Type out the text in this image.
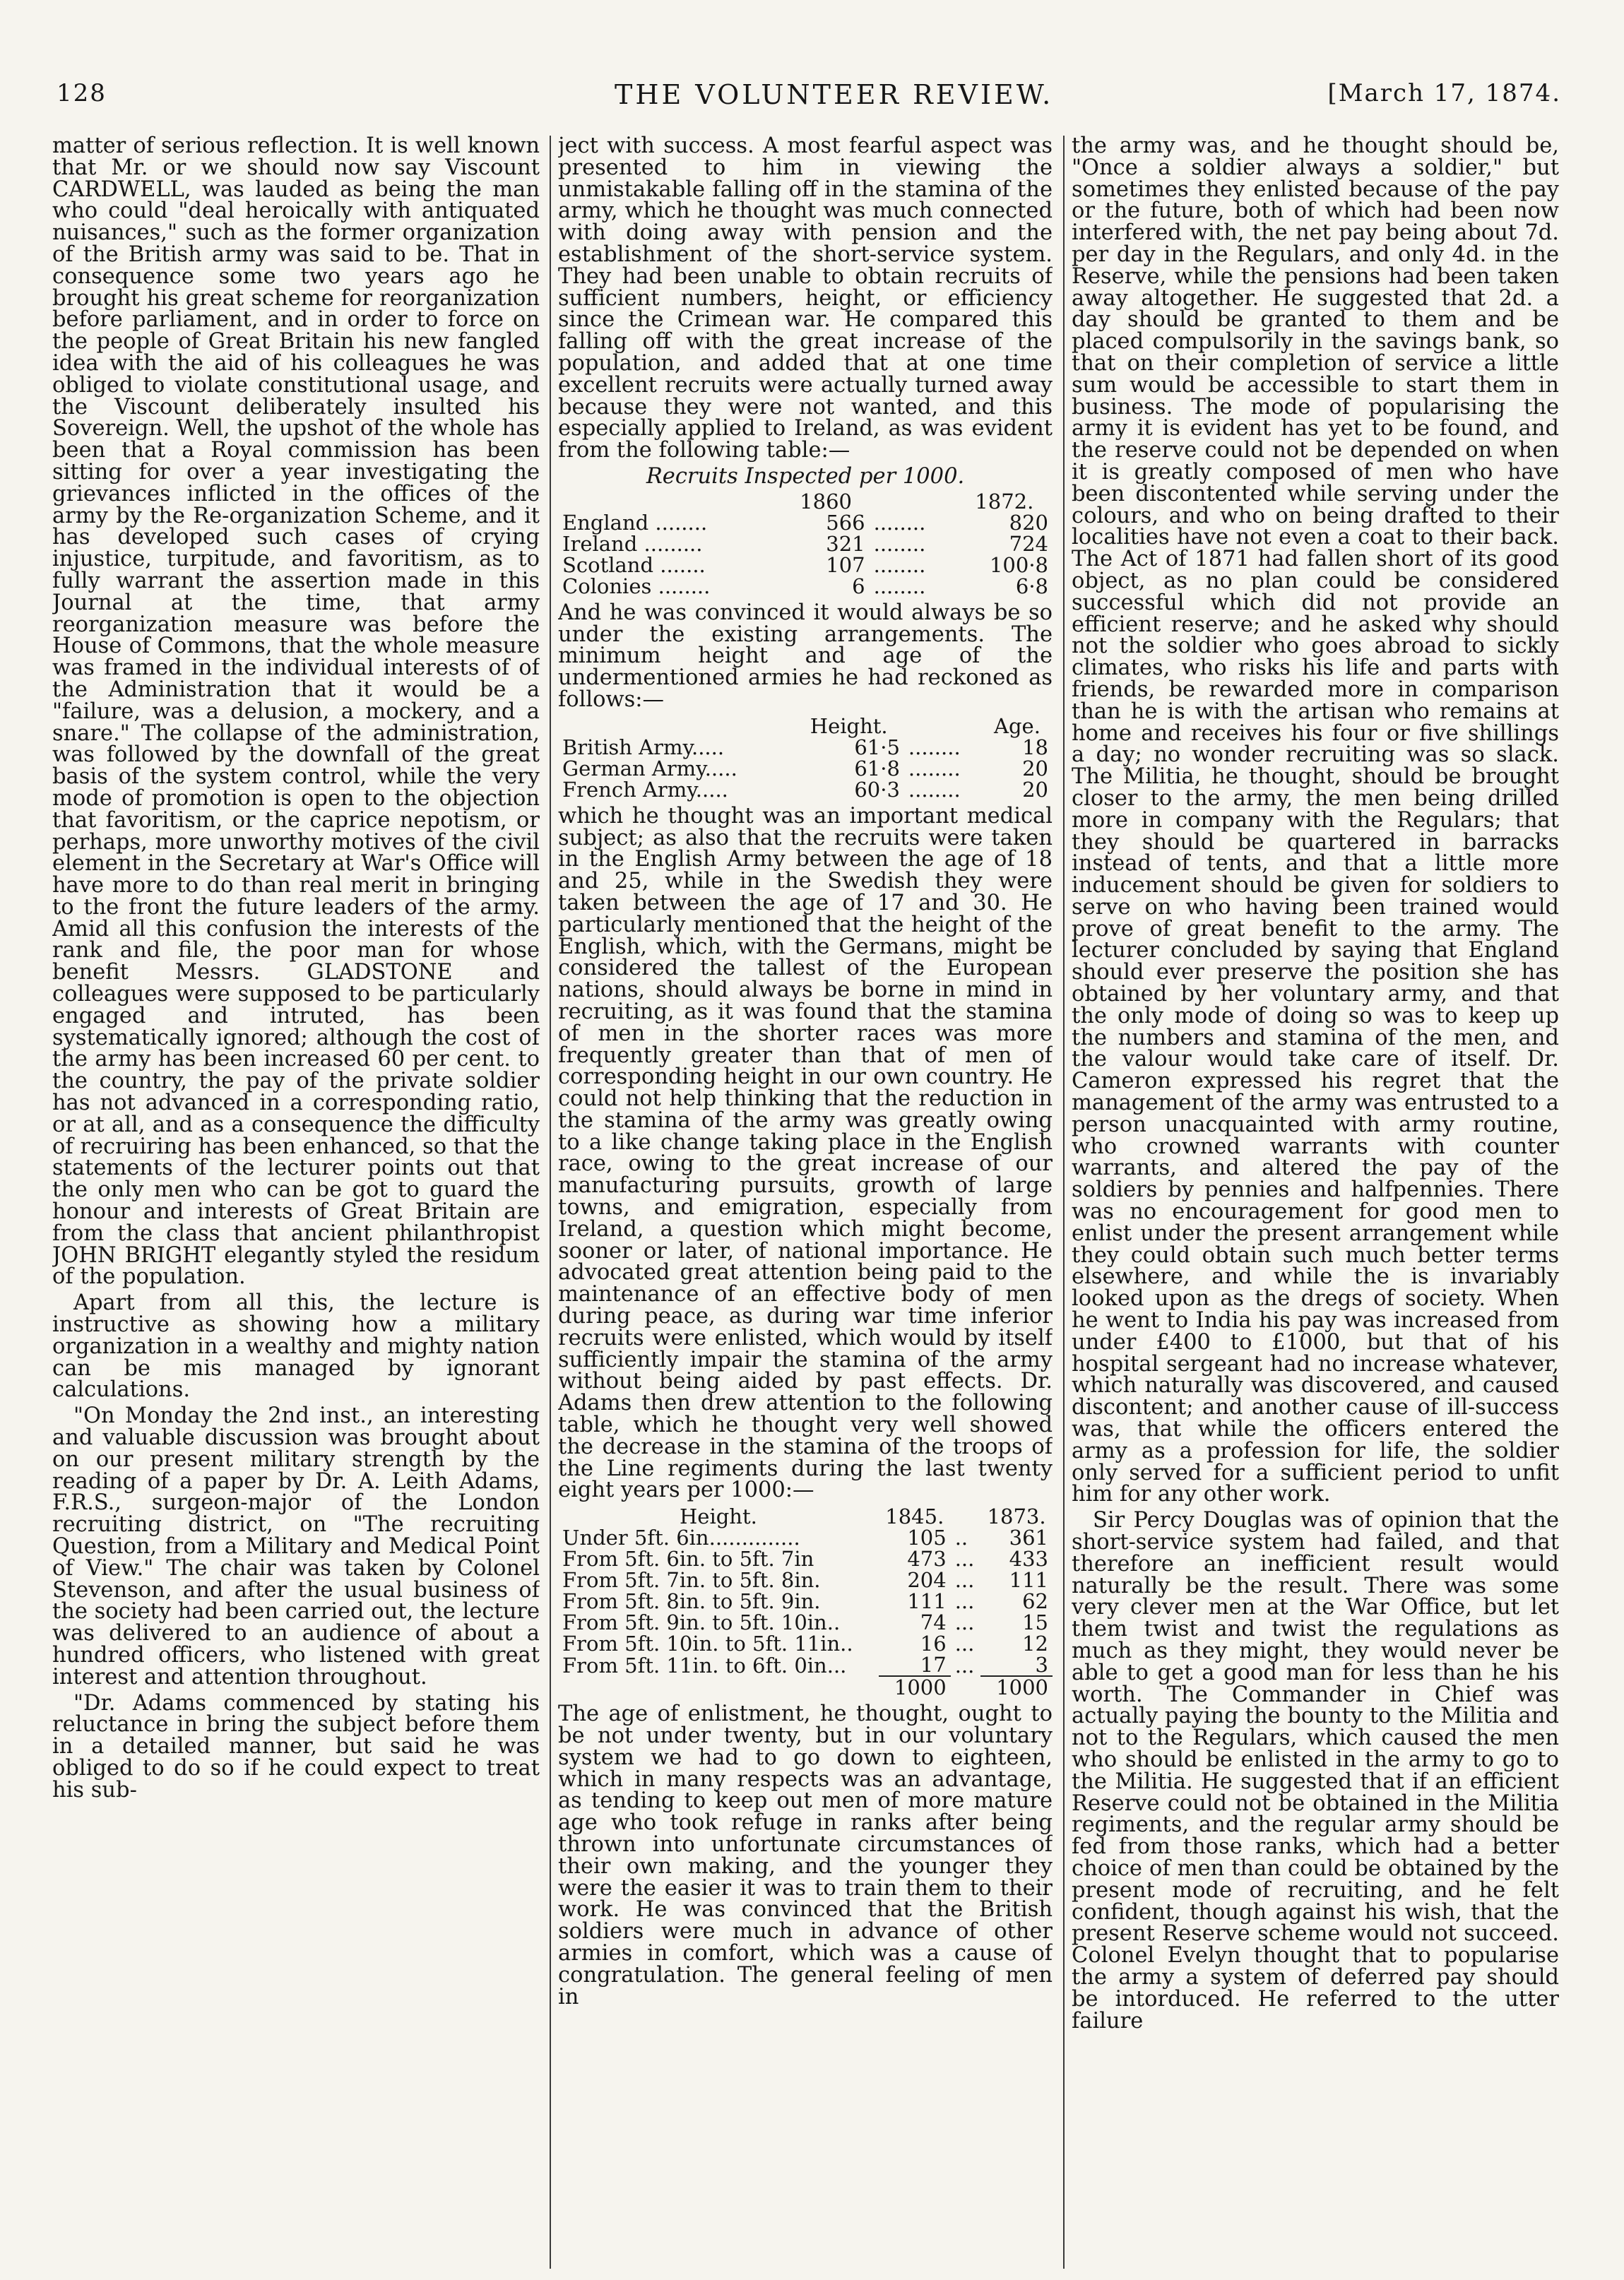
128	THE VOLUNTEER REVIEW.	[March 17, 1874.

matter of serious reflection. It is well known that Mr. or we should now say Viscount CARDWELL, was lauded as being the man who could "deal heroically with antiquated nuisances," such as the former organization of the British army was said to be. That in consequence some two years ago he brought his great scheme for reorganization before parliament, and in order to force on the people of Great Britain his new fangled idea with the aid of his colleagues he was obliged to violate constitutional usage, and the Viscount deliberately insulted his Sovereign. Well, the upshot of the whole has been that a Royal commission has been sitting for over a year investigating the grievances inflicted in the offices of the army by the Re-organization Scheme, and it has developed such cases of crying injustice, turpitude, and favoritism, as to fully warrant the assertion made in this Journal at the time, that army reorganization measure was before the House of Commons, that the whole measure was framed in the individual interests of of the Administration that it would be a "failure, was a delusion, a mockery, and a snare." The collapse of the administration, was followed by the downfall of the great basis of the system control, while the very mode of promotion is open to the objection that favoritism, or the caprice nepotism, or perhaps, more unworthy motives of the civil element in the Secretary at War's Office will have more to do than real merit in bringing to the front the future leaders of the army. Amid all this confusion the interests of the rank and file, the poor man for whose benefit Messrs. GLADSTONE and colleagues were supposed to be particularly engaged and intruted, has been systematically ignored; although the cost of the army has been increased 60 per cent. to the country, the pay of the private soldier has not advanced in a corresponding ratio, or at all, and as a consequence the difficulty of recruiring has been enhanced, so that the statements of the lecturer points out that the only men who can be got to guard the honour and interests of Great Britain are from the class that ancient philanthropist JOHN BRIGHT elegantly styled the residum of the population.

Apart from all this, the lecture is instructive as showing how a military organization in a wealthy and mighty nation can be mis managed by ignorant calculations.

"On Monday the 2nd inst., an interesting and valuable discussion was brought about on our present military strength by the reading of a paper by Dr. A. Leith Adams, F.R.S., surgeon-major of the London recruiting district, on "The recruiting Question, from a Military and Medical Point of View." The chair was taken by Colonel Stevenson, and after the usual business of the society had been carried out, the lecture was delivered to an audience of about a hundred officers, who listened with great interest and attention throughout.

"Dr. Adams commenced by stating his reluctance in bring the subject before them in a detailed manner, but said he was obliged to do so if he could expect to treat his sub-

ject with success. A most fearful aspect was presented to him in viewing the unmistakable falling off in the stamina of the army, which he thought was much connected with doing away with pension and the establishment of the short-service system. They had been unable to obtain recruits of sufficient numbers, height, or efficiency since the Crimean war. He compared this falling off with the great increase of the population, and added that at one time excellent recruits were actually turned away because they were not wanted, and this especially applied to Ireland, as was evident from the following table:—

Recruits Inspected per 1000.
	1860		1872.
England ........	566	........	820
Ireland .........	321	........	724
Scotland .......	107	........	100·8
Colonies ........	6	........	6·8

And he was convinced it would always be so under the existing arrangements. The minimum height and age of the undermentioned armies he had reckoned as follows:—

	Height.		Age.
British Army.....	61·5	........	18
German Army.....	61·8	........	20
French Army.....	60·3	........	20

which he thought was an important medical subject; as also that the recruits were taken in the English Army between the age of 18 and 25, while in the Swedish they were taken between the age of 17 and 30. He particularly mentioned that the height of the English, which, with the Germans, might be considered the tallest of the European nations, should always be borne in mind in recruiting, as it was found that the stamina of men in the shorter races was more frequently greater than that of men of corresponding height in our own country. He could not help thinking that the reduction in the stamina of the army was greatly owing to a like change taking place in the English race, owing to the great increase of our manufacturing pursuits, growth of large towns, and emigration, especially from Ireland, a question which might become, sooner or later, of national importance. He advocated great attention being paid to the maintenance of an effective body of men during peace, as during war time inferior recruits were enlisted, which would by itself sufficiently impair the stamina of the army without being aided by past effects. Dr. Adams then drew attention to the following table, which he thought very well showed the decrease in the stamina of the troops of the Line regiments during the last twenty eight years per 1000:—

Height.	1845.		1873.
Under 5ft. 6in..............	105	..	361
From 5ft. 6in. to 5ft. 7in	473	...	433
From 5ft. 7in. to 5ft. 8in.	204	...	111
From 5ft. 8in. to 5ft. 9in.	111	...	62
From 5ft. 9in. to 5ft. 10in..	74	...	15
From 5ft. 10in. to 5ft. 11in..	16	...	12
From 5ft. 11in. to 6ft. 0in...	17	...	3
	1000		1000

The age of enlistment, he thought, ought to be not under twenty, but in our voluntary system we had to go down to eighteen, which in many respects was an advantage, as tending to keep out men of more mature age who took refuge in ranks after being thrown into unfortunate circumstances of their own making, and the younger they were the easier it was to train them to their work. He was convinced that the British soldiers were much in advance of other armies in comfort, which was a cause of congratulation. The general feeling of men in

the army was, and he thought should be, "Once a soldier always a soldier," but sometimes they enlisted because of the pay or the future, both of which had been now interfered with, the net pay being about 7d. per day in the Regulars, and only 4d. in the Reserve, while the pensions had been taken away altogether. He suggested that 2d. a day should be granted to them and be placed compulsorily in the savings bank, so that on their completion of service a little sum would be accessible to start them in business. The mode of popularising the army it is evident has yet to be found, and the reserve could not be depended on when it is greatly composed of men who have been discontented while serving under the colours, and who on being drafted to their localities have not even a coat to their back. The Act of 1871 had fallen short of its good object, as no plan could be considered successful which did not provide an efficient reserve; and he asked why should not the soldier who goes abroad to sickly climates, who risks his life and parts with friends, be rewarded more in comparison than he is with the artisan who remains at home and receives his four or five shillings a day; no wonder recruiting was so slack. The Militia, he thought, should be brought closer to the army, the men being drilled more in company with the Regulars; that they should be quartered in barracks instead of tents, and that a little more inducement should be given for soldiers to serve on who having been trained would prove of great benefit to the army. The lecturer concluded by saying that England should ever preserve the position she has obtained by her voluntary army, and that the only mode of doing so was to keep up the numbers and stamina of the men, and the valour would take care of itself. Dr. Cameron expressed his regret that the management of the army was entrusted to a person unacquainted with army routine, who crowned warrants with counter warrants, and altered the pay of the soldiers by pennies and halfpennies. There was no encouragement for good men to enlist under the present arrangement while they could obtain such much better terms elsewhere, and while the is invariably looked upon as the dregs of society. When he went to India his pay was increased from under £400 to £1000, but that of his hospital sergeant had no increase whatever, which naturally was discovered, and caused discontent; and another cause of ill-success was, that while the officers entered the army as a profession for life, the soldier only served for a sufficient period to unfit him for any other work.

Sir Percy Douglas was of opinion that the short-service system had failed, and that therefore an inefficient result would naturally be the result. There was some very clever men at the War Office, but let them twist and twist the regulations as much as they might, they would never be able to get a good man for less than he his worth. The Commander in Chief was actually paying the bounty to the Militia and not to the Regulars, which caused the men who should be enlisted in the army to go to the Militia. He suggested that if an efficient Reserve could not be obtained in the Militia regiments, and the regular army should be fed from those ranks, which had a better choice of men than could be obtained by the present mode of recruiting, and he felt confident, though against his wish, that the present Reserve scheme would not succeed. Colonel Evelyn thought that to popularise the army a system of deferred pay should be intorduced. He referred to the utter failure
